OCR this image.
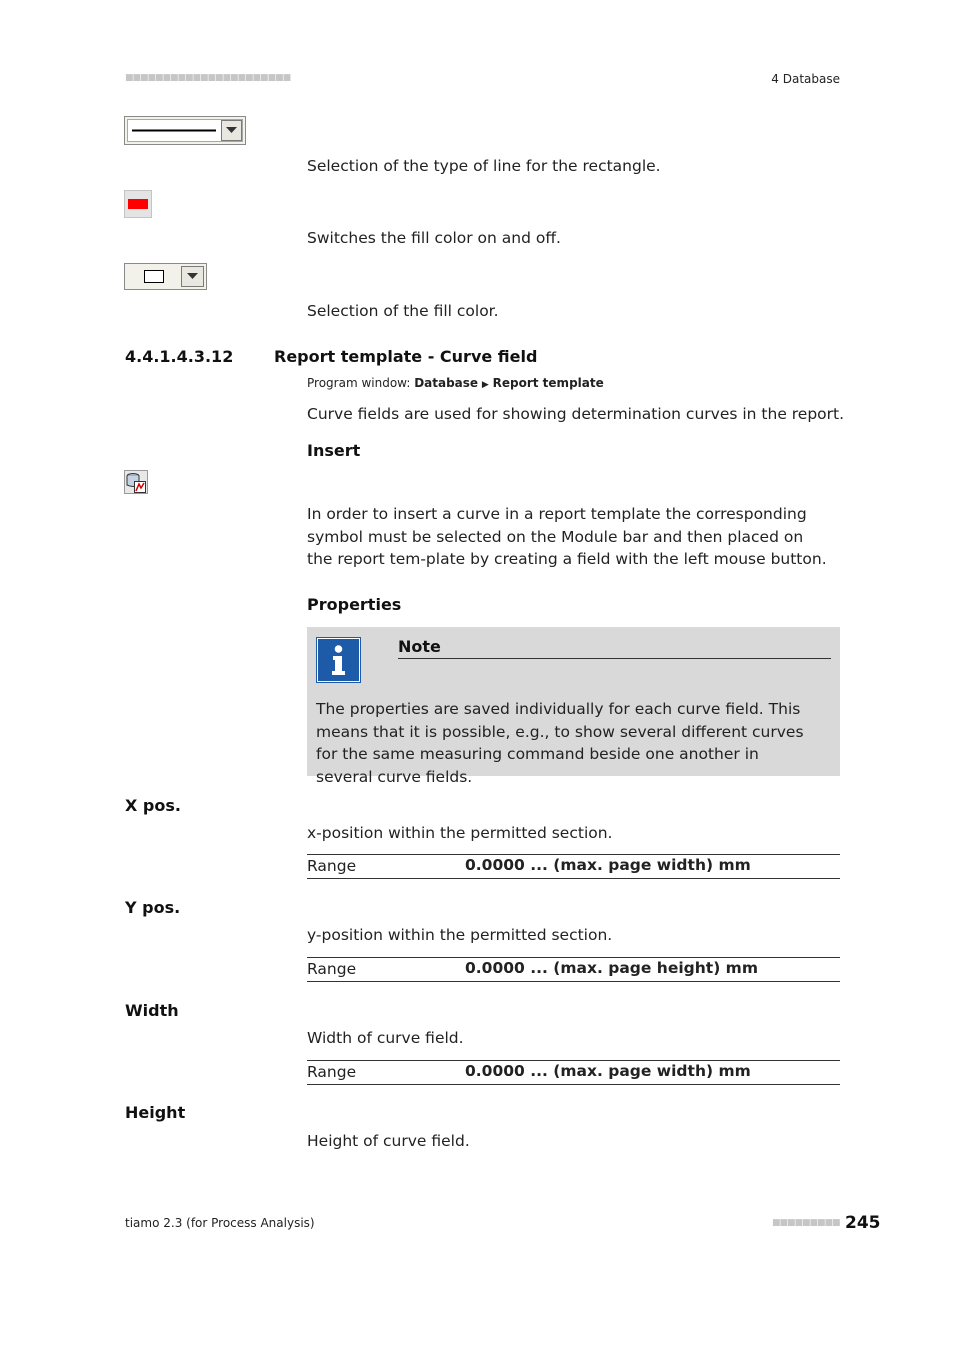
■■■■■■■■■■■■■■■■■■■■■■	4 Database
Selection of the type of line for the rectangle.
Switches the fill color on and off.
Selection of the fill color.
4.4.1.4.3.12	Report template - Curve field
Program window: Database ▶ Report template
Curve fields are used for showing determination curves in the report.
Insert
In order to insert a curve in a report template the corresponding symbol must be selected on the Module bar and then placed on the report tem-plate by creating a field with the left mouse button.
Properties
Note
The properties are saved individually for each curve field. This means that it is possible, e.g., to show several different curves for the same measuring command beside one another in several curve fields.
X pos.
x-position within the permitted section.
Range	0.0000 ... (max. page width) mm
Y pos.
y-position within the permitted section.
Range	0.0000 ... (max. page height) mm
Width
Width of curve field.
Range	0.0000 ... (max. page width) mm
Height
Height of curve field.
tiamo 2.3 (for Process Analysis)	■■■■■■■■■ 245
